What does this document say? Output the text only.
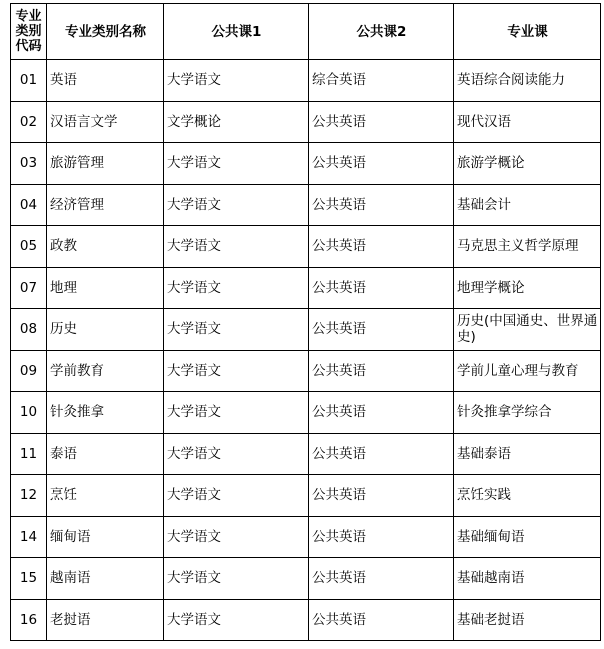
专业
类别
代码	专业类别名称	公共课1	公共课2	专业课
01	英语	大学语文	综合英语	英语综合阅读能力
02	汉语言文学	文学概论	公共英语	现代汉语
03	旅游管理	大学语文	公共英语	旅游学概论
04	经济管理	大学语文	公共英语	基础会计
05	政教	大学语文	公共英语	马克思主义哲学原理
07	地理	大学语文	公共英语	地理学概论
08	历史	大学语文	公共英语	历史(中国通史、世界通史)
09	学前教育	大学语文	公共英语	学前儿童心理与教育
10	针灸推拿	大学语文	公共英语	针灸推拿学综合
11	泰语	大学语文	公共英语	基础泰语
12	烹饪	大学语文	公共英语	烹饪实践
14	缅甸语	大学语文	公共英语	基础缅甸语
15	越南语	大学语文	公共英语	基础越南语
16	老挝语	大学语文	公共英语	基础老挝语
